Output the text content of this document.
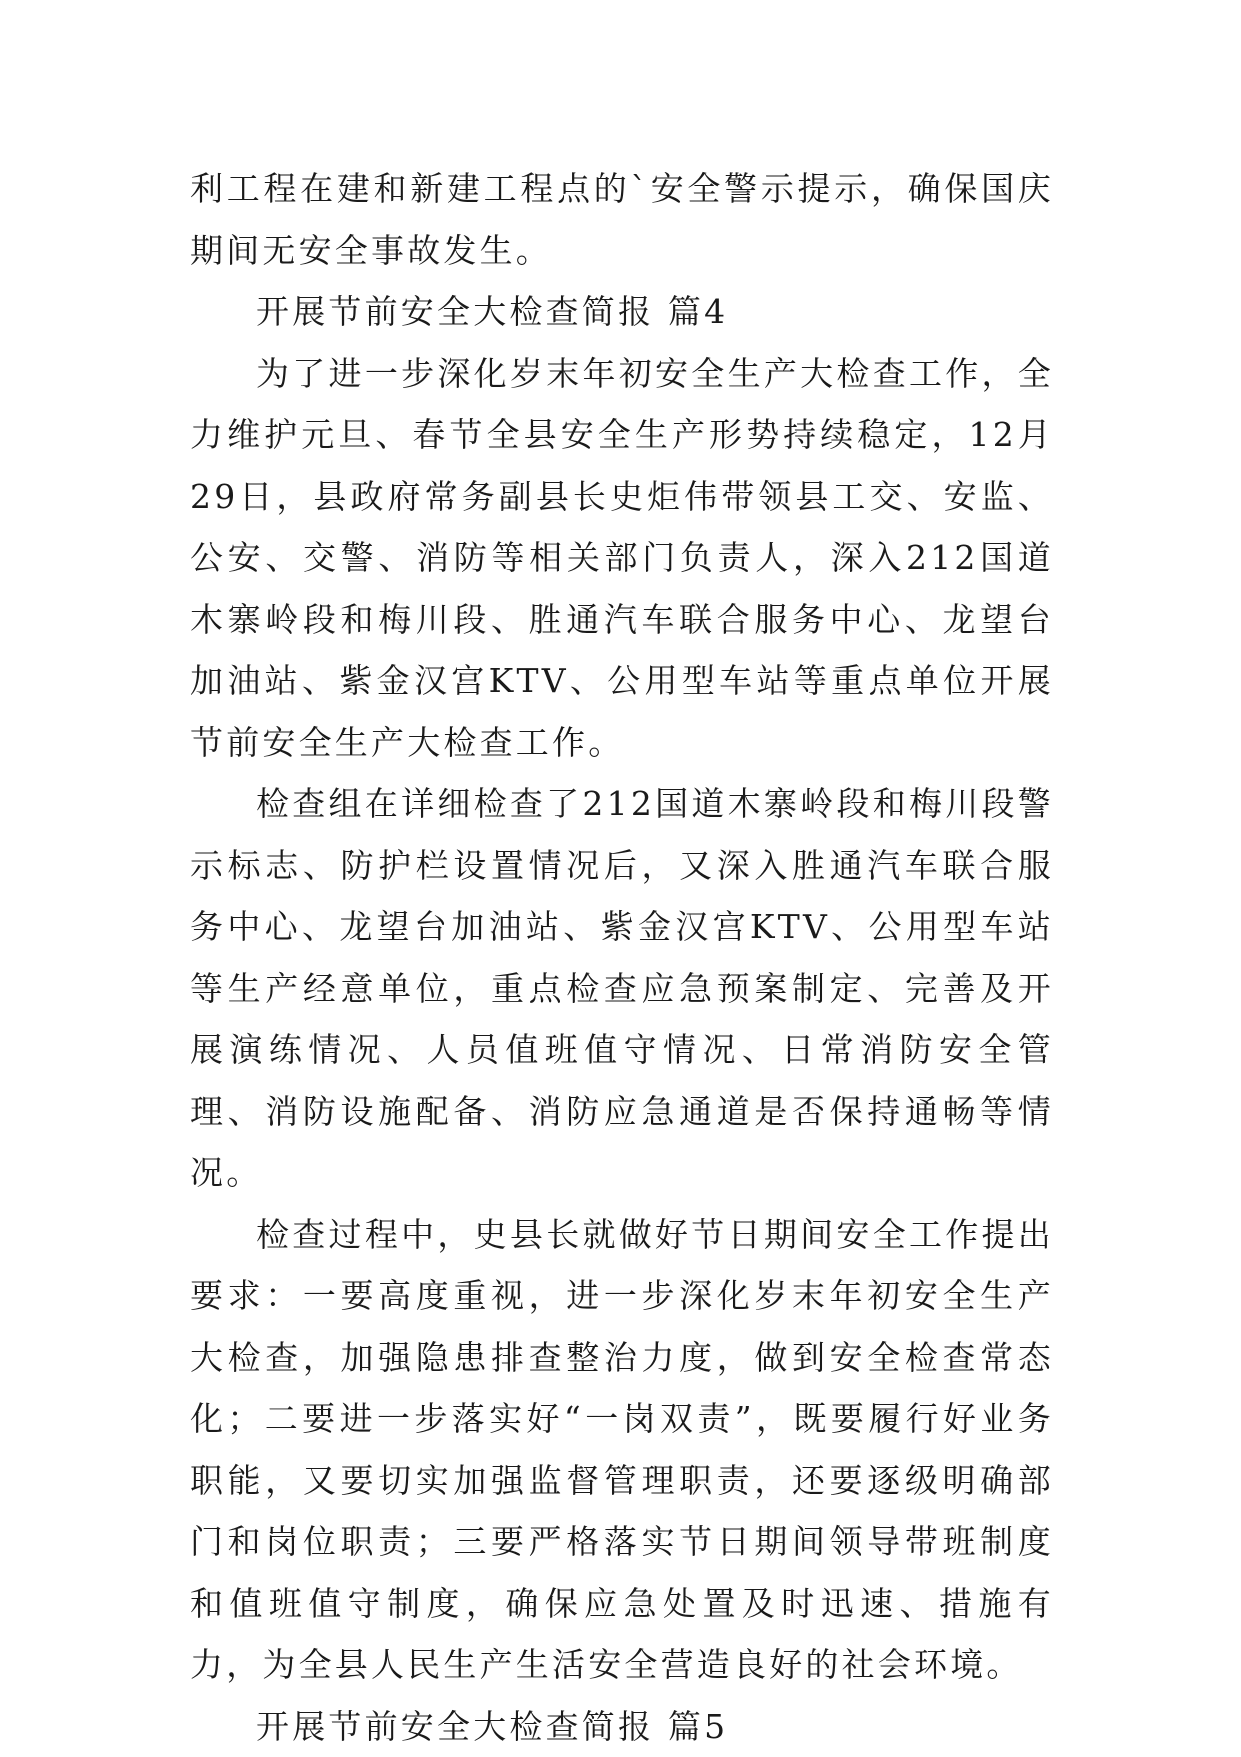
利工程在建和新建工程点的`安全警示提示，确保国庆期间无安全事故发生。

开展节前安全大检查简报 篇4

为了进一步深化岁末年初安全生产大检查工作，全力维护元旦、春节全县安全生产形势持续稳定，12月29日，县政府常务副县长史炬伟带领县工交、安监、公安、交警、消防等相关部门负责人，深入212国道木寨岭段和梅川段、胜通汽车联合服务中心、龙望台加油站、紫金汉宫KTV、公用型车站等重点单位开展节前安全生产大检查工作。

检查组在详细检查了212国道木寨岭段和梅川段警示标志、防护栏设置情况后，又深入胜通汽车联合服务中心、龙望台加油站、紫金汉宫KTV、公用型车站等生产经意单位，重点检查应急预案制定、完善及开展演练情况、人员值班值守情况、日常消防安全管理、消防设施配备、消防应急通道是否保持通畅等情况。

检查过程中，史县长就做好节日期间安全工作提出要求：一要高度重视，进一步深化岁末年初安全生产大检查，加强隐患排查整治力度，做到安全检查常态化；二要进一步落实好“一岗双责”，既要履行好业务职能，又要切实加强监督管理职责，还要逐级明确部门和岗位职责；三要严格落实节日期间领导带班制度和值班值守制度，确保应急处置及时迅速、措施有力，为全县人民生产生活安全营造良好的社会环境。

开展节前安全大检查简报 篇5
